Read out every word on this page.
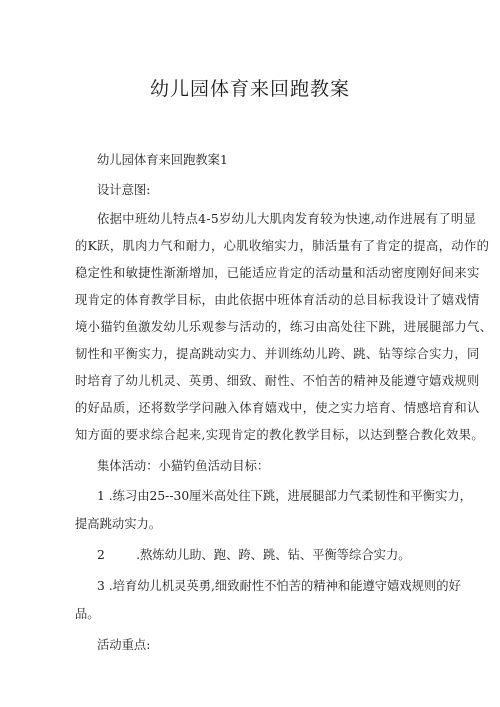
幼儿园体育来回跑教案
幼儿园体育来回跑教案1
设计意图:
依据中班幼儿特点4-5岁幼儿大肌肉发育较为快速,动作进展有了明显
的K跃，肌肉力气和耐力，心肌收缩实力，肺活量有了肯定的提高，动作的
稳定性和敏捷性渐渐增加，已能适应肯定的活动量和活动密度刚好间来实
现肯定的体育教学目标，由此依据中班体育活动的总目标我设计了嬉戏情
境小猫钓鱼激发幼儿乐观参与活动的，练习由高处往下跳，进展腿部力气、
韧性和平衡实力，提高跳动实力、并训练幼儿跨、跳、钻等综合实力，同
时培育了幼儿机灵、英勇、细致、耐性、不怕苦的精神及能遵守嬉戏规则
的好品质，还将数学学问融入体育嬉戏中，使之实力培育、情感培育和认
知方面的要求综合起来,实现肯定的教化教学目标，以达到整合教化效果。
集体活动：小猫钓鱼活动目标：
1 .练习由25--30厘米高处往下跳，进展腿部力气柔韧性和平衡实力，
提高跳动实力。
2        .熬炼幼儿助、跑、跨、跳、钻、平衡等综合实力。
3 .培育幼儿机灵英勇,细致耐性不怕苦的精神和能遵守嬉戏规则的好
品。
活动重点:
